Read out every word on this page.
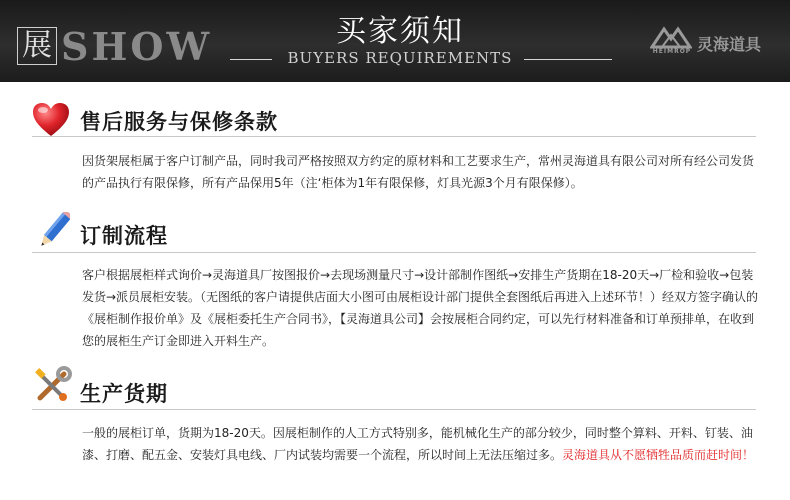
展 SHOW	买家须知
BUYERS REQUIREMENTS	HEIMROP 灵海道具
售后服务与保修条款
因货架展柜属于客户订制产品，同时我司严格按照双方约定的原材料和工艺要求生产，常州灵海道具有限公司对所有经公司发货的产品执行有限保修，所有产品保用5年（注‘柜体为1年有限保修，灯具光源3个月有限保修）。
订制流程
客户根据展柜样式询价→灵海道具厂按图报价→去现场测量尺寸→设计部制作图纸→安排生产货期在18-20天→厂检和验收→包装发货→派员展柜安装。（无图纸的客户请提供店面大小图可由展柜设计部门提供全套图纸后再进入上述环节！）经双方签字确认的《展柜制作报价单》及《展柜委托生产合同书》，【灵海道具公司】会按展柜合同约定，可以先行材料准备和订单预排单，在收到您的展柜生产订金即进入开料生产。
生产货期
一般的展柜订单，货期为18-20天。因展柜制作的人工方式特别多，能机械化生产的部分较少，同时整个算料、开料、钉装、油漆、打磨、配五金、安装灯具电线、厂内试装均需要一个流程，所以时间上无法压缩过多。灵海道具从不愿牺牲品质而赶时间！
